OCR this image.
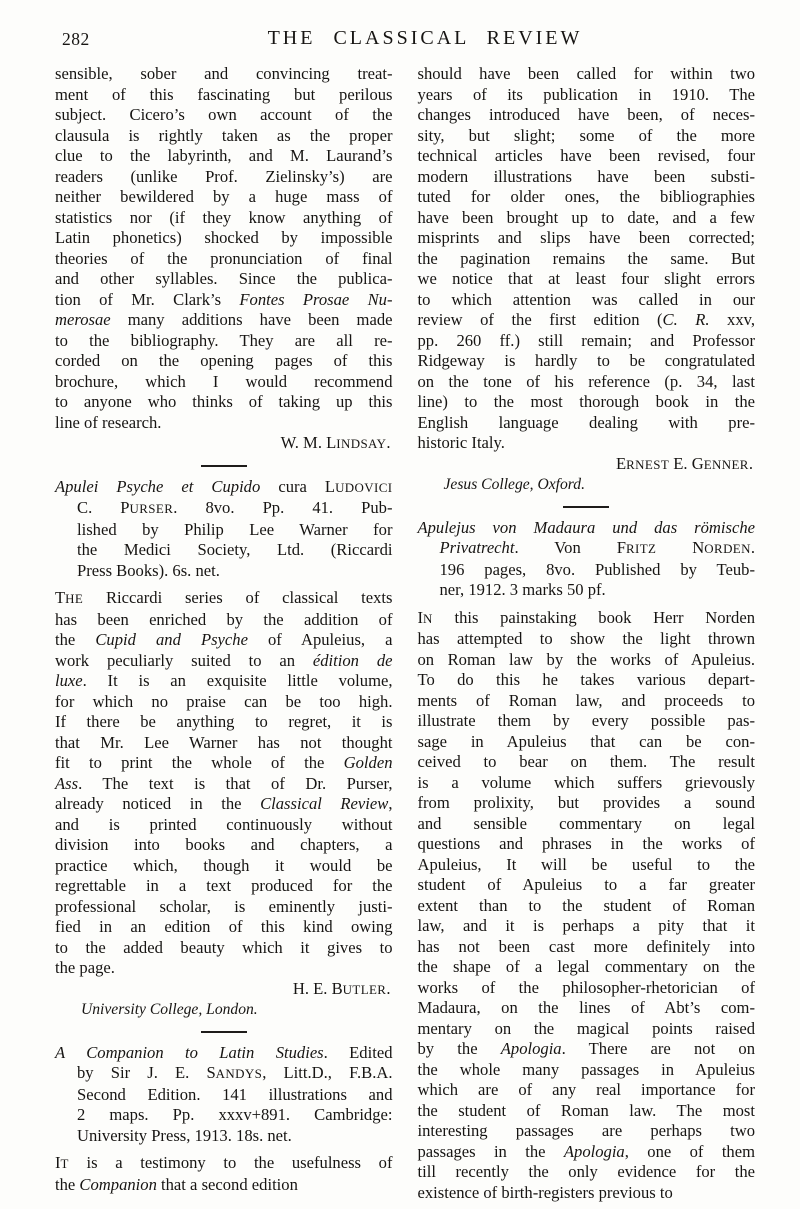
282	THE CLASSICAL REVIEW
sensible, sober and convincing treat-
ment of this fascinating but perilous
subject. Cicero’s own account of the
clausula is rightly taken as the proper
clue to the labyrinth, and M. Laurand’s
readers (unlike Prof. Zielinsky’s) are
neither bewildered by a huge mass of
statistics nor (if they know anything of
Latin phonetics) shocked by impossible
theories of the pronunciation of final
and other syllables. Since the publica-
tion of Mr. Clark’s Fontes Prosae Nu-
merosae many additions have been made
to the bibliography. They are all re-
corded on the opening pages of this
brochure, which I would recommend
to anyone who thinks of taking up this
line of research.
W. M. LINDSAY.
Apulei Psyche et Cupido cura LUDOVICI
C. PURSER. 8vo. Pp. 41. Pub-
lished by Philip Lee Warner for
the Medici Society, Ltd. (Riccardi
Press Books). 6s. net.
THE Riccardi series of classical texts
has been enriched by the addition of
the Cupid and Psyche of Apuleius, a
work peculiarly suited to an édition de
luxe. It is an exquisite little volume,
for which no praise can be too high.
If there be anything to regret, it is
that Mr. Lee Warner has not thought
fit to print the whole of the Golden
Ass. The text is that of Dr. Purser,
already noticed in the Classical Review,
and is printed continuously without
division into books and chapters, a
practice which, though it would be
regrettable in a text produced for the
professional scholar, is eminently justi-
fied in an edition of this kind owing
to the added beauty which it gives to
the page.
H. E. BUTLER.
University College, London.
A Companion to Latin Studies. Edited
by Sir J. E. SANDYS, Litt.D., F.B.A.
Second Edition. 141 illustrations and
2 maps. Pp. xxxv+891. Cambridge:
University Press, 1913. 18s. net.
IT is a testimony to the usefulness of
the Companion that a second edition
should have been called for within two
years of its publication in 1910. The
changes introduced have been, of neces-
sity, but slight; some of the more
technical articles have been revised, four
modern illustrations have been substi-
tuted for older ones, the bibliographies
have been brought up to date, and a few
misprints and slips have been corrected;
the pagination remains the same. But
we notice that at least four slight errors
to which attention was called in our
review of the first edition (C. R. xxv,
pp. 260 ff.) still remain; and Professor
Ridgeway is hardly to be congratulated
on the tone of his reference (p. 34, last
line) to the most thorough book in the
English language dealing with pre-
historic Italy.
ERNEST E. GENNER.
Jesus College, Oxford.
Apulejus von Madaura und das römische
Privatrecht. Von FRITZ NORDEN.
196 pages, 8vo. Published by Teub-
ner, 1912. 3 marks 50 pf.
IN this painstaking book Herr Norden
has attempted to show the light thrown
on Roman law by the works of Apuleius.
To do this he takes various depart-
ments of Roman law, and proceeds to
illustrate them by every possible pas-
sage in Apuleius that can be con-
ceived to bear on them. The result
is a volume which suffers grievously
from prolixity, but provides a sound
and sensible commentary on legal
questions and phrases in the works of
Apuleius, It will be useful to the
student of Apuleius to a far greater
extent than to the student of Roman
law, and it is perhaps a pity that it
has not been cast more definitely into
the shape of a legal commentary on the
works of the philosopher-rhetorician of
Madaura, on the lines of Abt’s com-
mentary on the magical points raised
by the Apologia. There are not on
the whole many passages in Apuleius
which are of any real importance for
the student of Roman law. The most
interesting passages are perhaps two
passages in the Apologia, one of them
till recently the only evidence for the
existence of birth-registers previous to
